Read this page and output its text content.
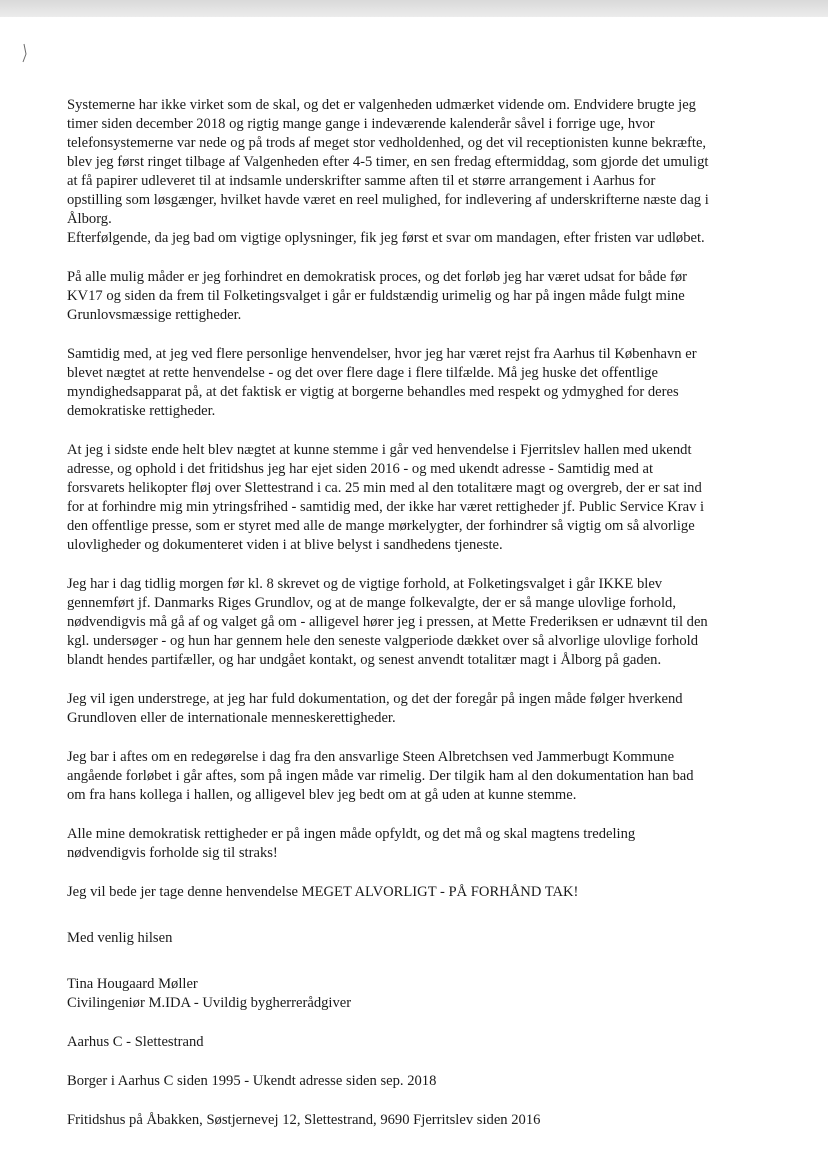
Systemerne har ikke virket som de skal, og det er valgenheden udmærket vidende om. Endvidere brugte jeg
timer siden december 2018 og rigtig mange gange i indeværende kalenderår såvel i forrige uge, hvor
telefonsystemerne var nede og på trods af meget stor vedholdenhed, og det vil receptionisten kunne bekræfte,
blev jeg først ringet tilbage af Valgenheden efter 4-5 timer, en sen fredag eftermiddag, som gjorde det umuligt
at få papirer udleveret til at indsamle underskrifter samme aften til et større arrangement i Aarhus for
opstilling som løsgænger, hvilket havde været en reel mulighed, for indlevering af underskrifterne næste dag i
Ålborg.
Efterfølgende, da jeg bad om vigtige oplysninger, fik jeg først et svar om mandagen, efter fristen var udløbet.

På alle mulig måder er jeg forhindret en demokratisk proces, og det forløb jeg har været udsat for både før
KV17 og siden da frem til Folketingsvalget i går er fuldstændig urimelig og har på ingen måde fulgt mine
Grunlovsmæssige rettigheder.

Samtidig med, at jeg ved flere personlige henvendelser, hvor jeg har været rejst fra Aarhus til København er
blevet nægtet at rette henvendelse - og det over flere dage i flere tilfælde. Må jeg huske det offentlige
myndighedsapparat på, at det faktisk er vigtig at borgerne behandles med respekt og ydmyghed for deres
demokratiske rettigheder.

At jeg i sidste ende helt blev nægtet at kunne stemme i går ved henvendelse i Fjerritslev hallen med ukendt
adresse, og ophold i det fritidshus jeg har ejet siden 2016 - og med ukendt adresse - Samtidig med at
forsvarets helikopter fløj over Slettestrand i ca. 25 min med al den totalitære magt og overgreb, der er sat ind
for at forhindre mig min ytringsfrihed - samtidig med, der ikke har været rettigheder jf. Public Service Krav i
den offentlige presse, som er styret med alle de mange mørkelygter, der forhindrer så vigtig om så alvorlige
ulovligheder og dokumenteret viden i at blive belyst i sandhedens tjeneste.

Jeg har i dag tidlig morgen før kl. 8 skrevet og de vigtige forhold, at Folketingsvalget i går IKKE blev
gennemført jf. Danmarks Riges Grundlov, og at de mange folkevalgte, der er så mange ulovlige forhold,
nødvendigvis må gå af og valget gå om - alligevel hører jeg i pressen, at Mette Frederiksen er udnævnt til den
kgl. undersøger - og hun har gennem hele den seneste valgperiode dækket over så alvorlige ulovlige forhold
blandt hendes partifæller, og har undgået kontakt, og senest anvendt totalitær magt i Ålborg på gaden.

Jeg vil igen understrege, at jeg har fuld dokumentation, og det der foregår på ingen måde følger hverkend
Grundloven eller de internationale menneskerettigheder.

Jeg bar i aftes om en redegørelse i dag fra den ansvarlige Steen Albretchsen ved Jammerbugt Kommune
angående forløbet i går aftes, som på ingen måde var rimelig. Der tilgik ham al den dokumentation han bad
om fra hans kollega i hallen, og alligevel blev jeg bedt om at gå uden at kunne stemme.

Alle mine demokratisk rettigheder er på ingen måde opfyldt, og det må og skal magtens tredeling
nødvendigvis forholde sig til straks!

Jeg vil bede jer tage denne henvendelse MEGET ALVORLIGT - PÅ FORHÅND TAK!

Med venlig hilsen
Tina Hougaard Møller
Civilingeniør M.IDA - Uvildig bygherrerådgiver
Aarhus C - Slettestrand
Borger i Aarhus C siden 1995 - Ukendt adresse siden sep. 2018
Fritidshus på Åbakken, Søstjernevej 12, Slettestrand, 9690 Fjerritslev siden 2016
